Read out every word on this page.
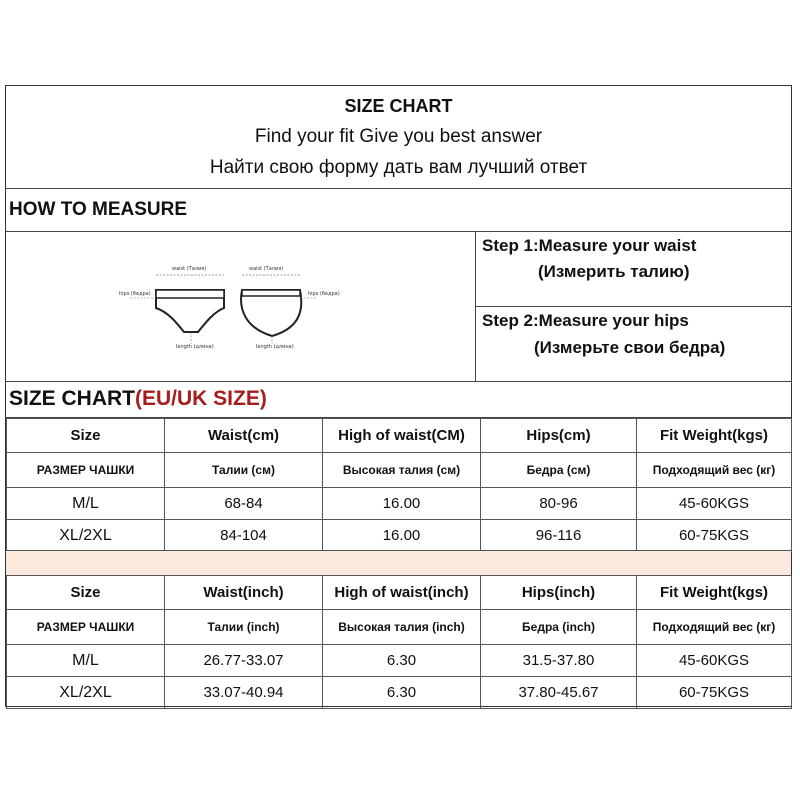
SIZE CHART
Find your fit Give you best answer
Найти свою форму дать вам лучший ответ
HOW TO MEASURE
waist (Талия)
hips (бедра)
length (длина)
waist (Талия)
hips (бедра)
length (длина)
Step 1:Measure your waist
(Измерить талию)
Step 2:Measure your hips
(Измерьте свои бедра)
SIZE CHART(EU/UK SIZE)
Size	Waist(cm)	High of waist(CM)	Hips(cm)	Fit Weight(kgs)
РАЗМЕР ЧАШКИ	Талии (см)	Высокая талия (см)	Бедра (см)	Подходящий вес (кг)
M/L	68-84	16.00	80-96	45-60KGS
XL/2XL	84-104	16.00	96-116	60-75KGS
Size	Waist(inch)	High of waist(inch)	Hips(inch)	Fit Weight(kgs)
РАЗМЕР ЧАШКИ	Талии (inch)	Высокая талия (inch)	Бедра (inch)	Подходящий вес (кг)
M/L	26.77-33.07	6.30	31.5-37.80	45-60KGS
XL/2XL	33.07-40.94	6.30	37.80-45.67	60-75KGS
